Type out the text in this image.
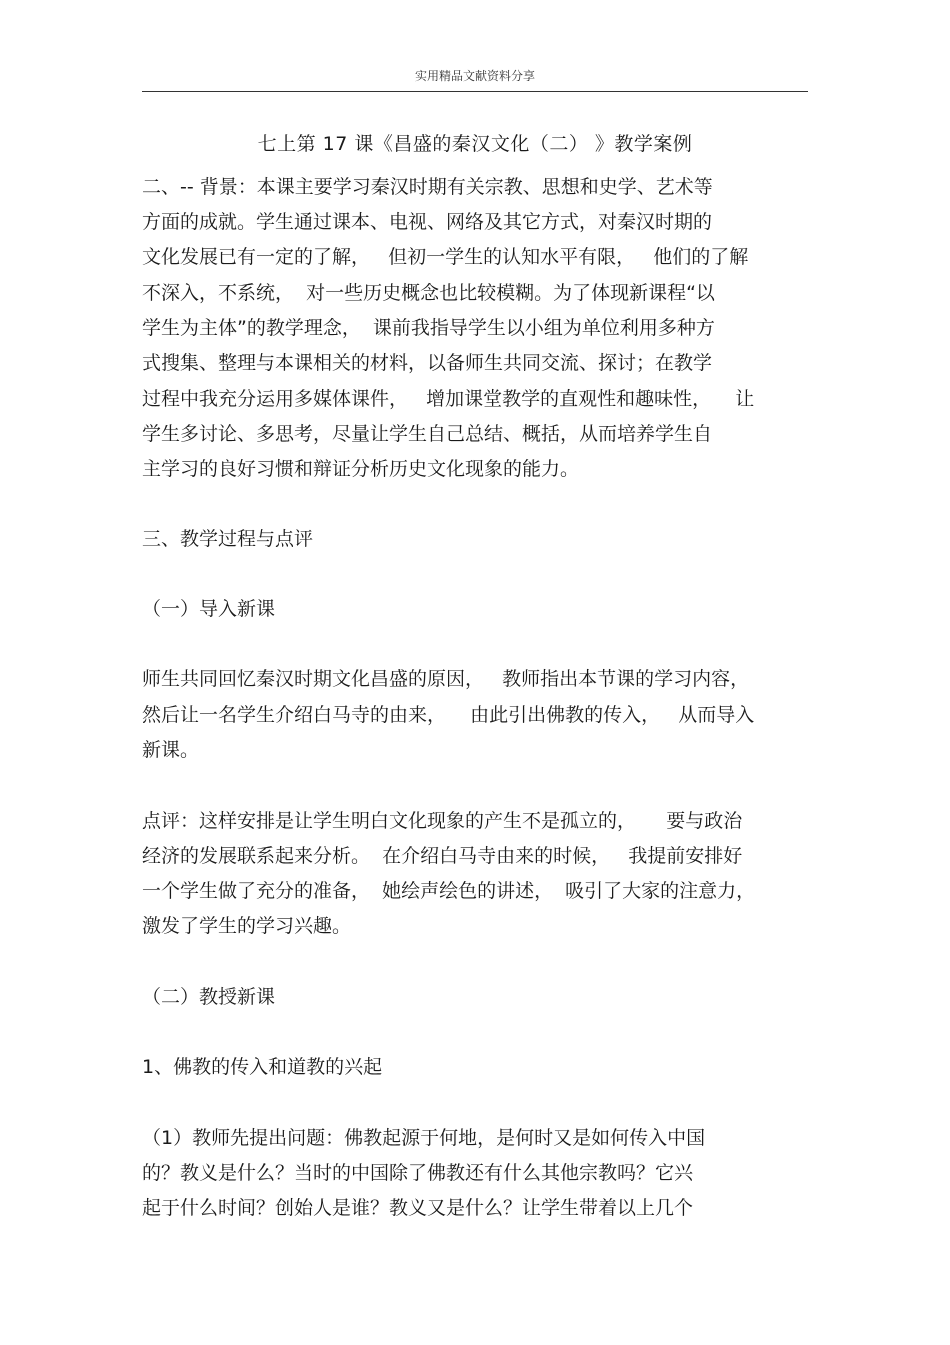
实用精品文献资料分享
七上第 17 课《昌盛的秦汉文化（二） 》教学案例
二、-- 背景：本课主要学习秦汉时期有关宗教、思想和史学、艺术等
方面的成就。学生通过课本、电视、网络及其它方式，对秦汉时期的
文化发展已有一定的了解，   但初一学生的认知水平有限，   他们的了解
不深入，不系统，  对一些历史概念也比较模糊。为了体现新课程“以
学生为主体”的教学理念，  课前我指导学生以小组为单位利用多种方
式搜集、整理与本课相关的材料，以备师生共同交流、探讨；在教学
过程中我充分运用多媒体课件，   增加课堂教学的直观性和趣味性，    让
学生多讨论、多思考，尽量让学生自己总结、概括，从而培养学生自
主学习的良好习惯和辩证分析历史文化现象的能力。
三、教学过程与点评
（一）导入新课
师生共同回忆秦汉时期文化昌盛的原因，   教师指出本节课的学习内容，
然后让一名学生介绍白马寺的由来，    由此引出佛教的传入，   从而导入
新课。
点评：这样安排是让学生明白文化现象的产生不是孤立的，     要与政治
经济的发展联系起来分析。  在介绍白马寺由来的时候，   我提前安排好
一个学生做了充分的准备，  她绘声绘色的讲述，  吸引了大家的注意力，
激发了学生的学习兴趣。
（二）教授新课
1、佛教的传入和道教的兴起
（1）教师先提出问题：佛教起源于何地，是何时又是如何传入中国
的？教义是什么？当时的中国除了佛教还有什么其他宗教吗？它兴
起于什么时间？创始人是谁？教义又是什么？让学生带着以上几个
